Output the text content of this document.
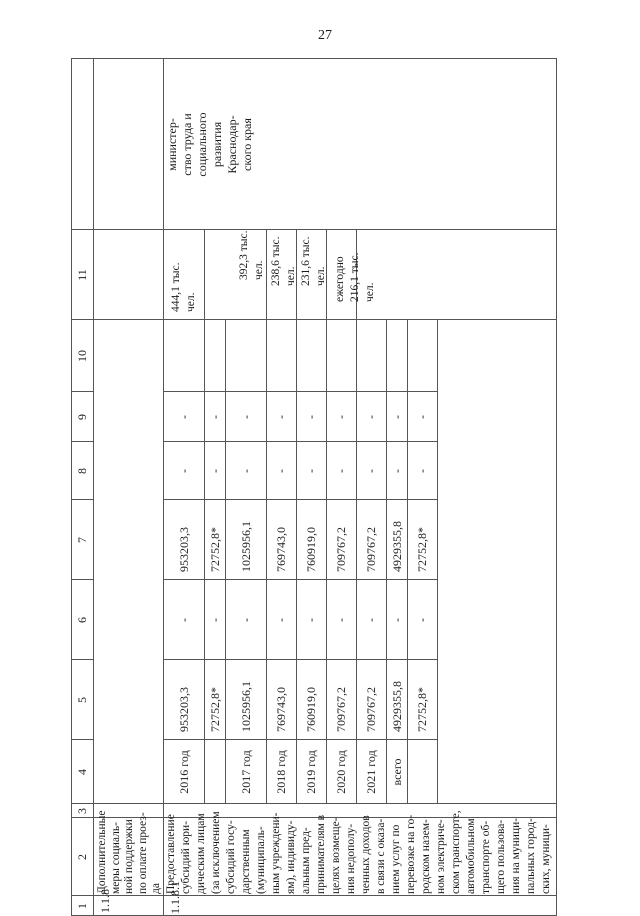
27
1
2
3
4
5
6
7
8
9
10
11
1.1.8
Дополнительные меры социаль- ной поддержки по оплате проез- да 1.1.8.1
Предоставление субсидий юри- дическим лицам (за исключением субсидий госу- дарственным (муниципаль- ным учреждени- ям), индивиду- альным пред- принимателям в целях возмеще- ния недополу- ченных доходов в связи с оказа- нием услуг по перевозке на го- родском назем- ном электриче- ском транспорте, автомобильном транспорте об- щего пользова- ния на муници- пальных город- ских, муници-
2016 год
953203,3
-
953203,3
-
-
72752,8*
-
72752,8*
-
-
2017 год
1025956,1
-
1025956,1
-
-
2018 год
769743,0
-
769743,0
-
-
2019 год
760919,0
-
760919,0
-
-
2020 год
709767,2
-
709767,2
-
-
2021 год
709767,2
-
709767,2
-
-
всего
4929355,8
-
4929355,8
-
-
72752,8*
-
72752,8*
-
-
444,1 тыс. чел.
392,3 тыс. чел. 238,6 тыс. чел. 231,6 тыс. чел. ежегодно 216,1 тыс. чел.
министер- ство труда и социального развития Краснодар- ского края
